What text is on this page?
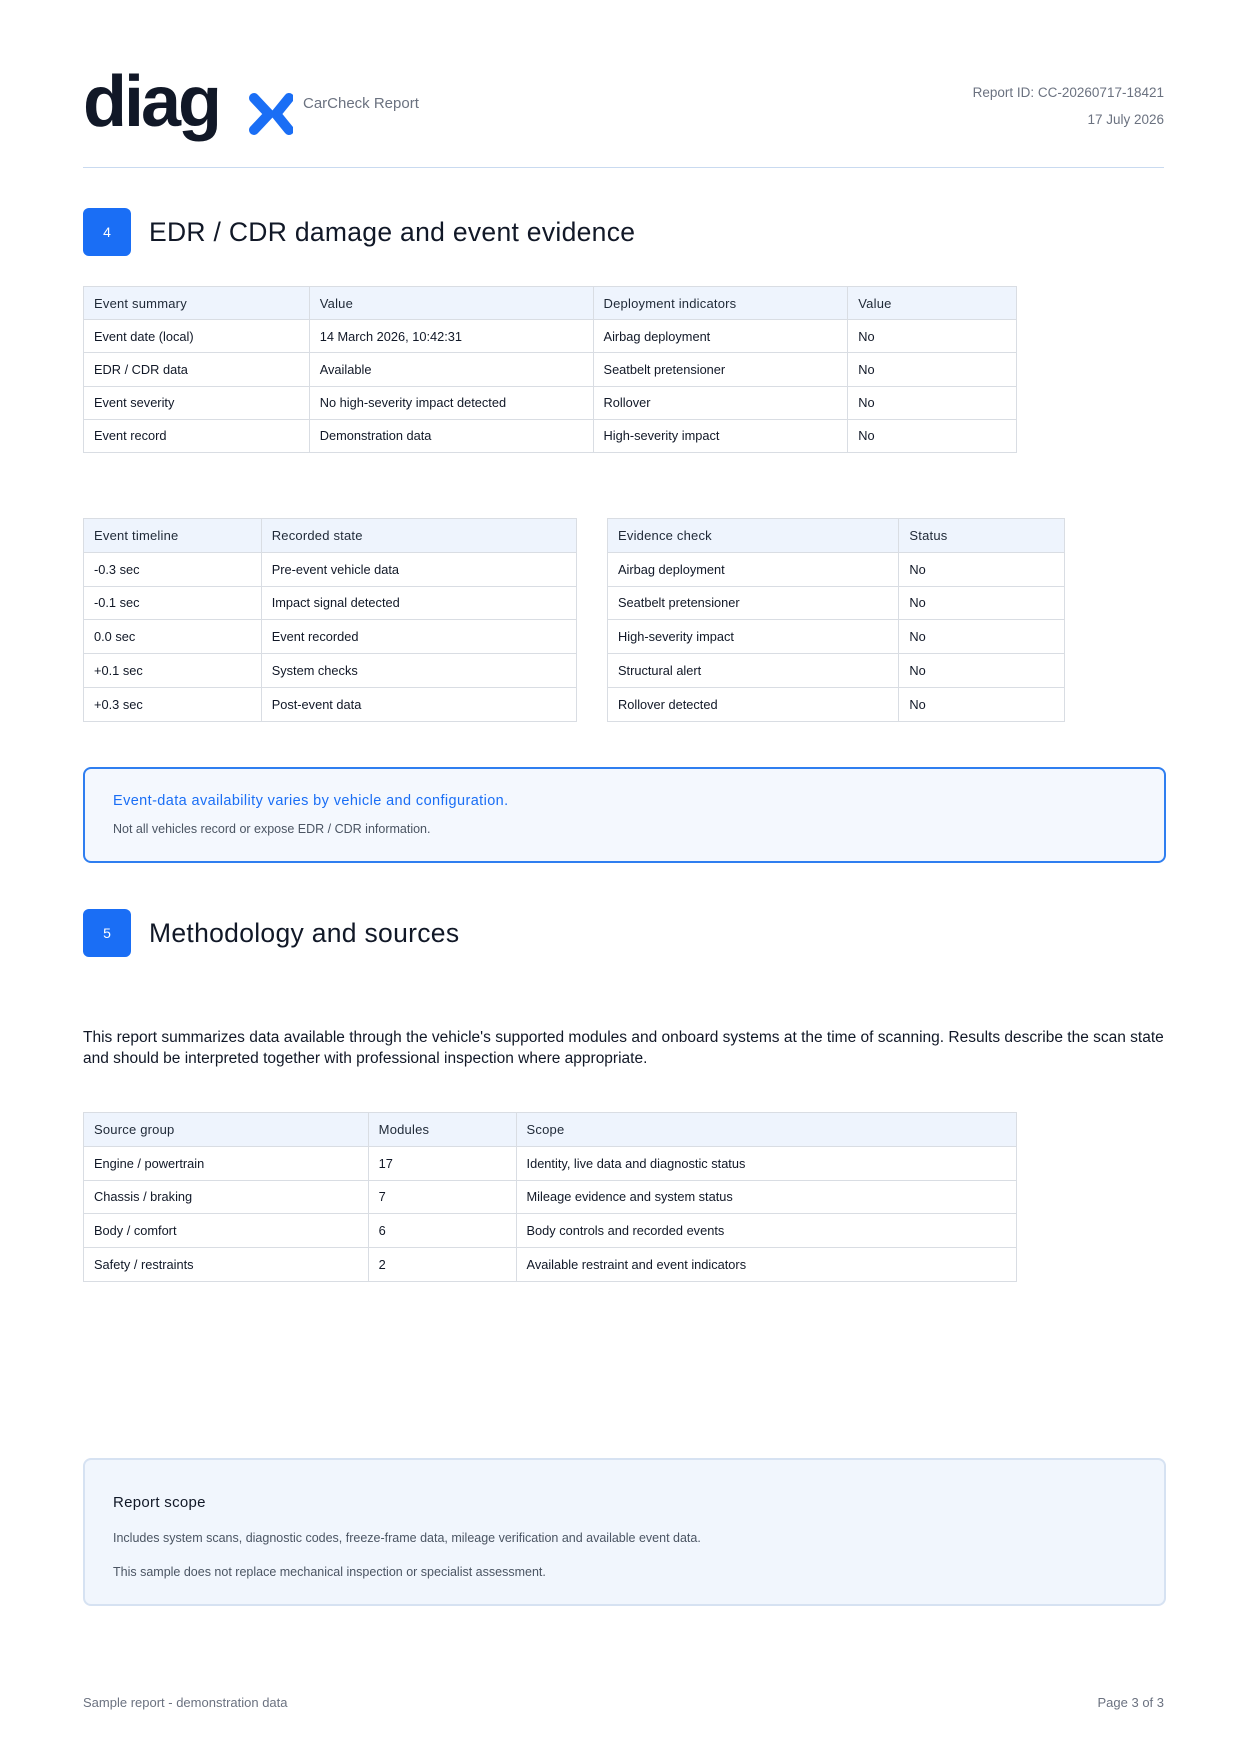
diag	CarCheck Report
Report ID: CC-20260717-18421
17 July 2026
4	EDR / CDR damage and event evidence
Event summary	Value	Deployment indicators	Value
Event date (local)	14 March 2026, 10:42:31	Airbag deployment	No
EDR / CDR data	Available	Seatbelt pretensioner	No
Event severity	No high-severity impact detected	Rollover	No
Event record	Demonstration data	High-severity impact	No
Event timeline	Recorded state
-0.3 sec	Pre-event vehicle data
-0.1 sec	Impact signal detected
0.0 sec	Event recorded
+0.1 sec	System checks
+0.3 sec	Post-event data
Evidence check	Status
Airbag deployment	No
Seatbelt pretensioner	No
High-severity impact	No
Structural alert	No
Rollover detected	No
Event-data availability varies by vehicle and configuration.
Not all vehicles record or expose EDR / CDR information.
5	Methodology and sources

This report summarizes data available through the vehicle's supported modules and onboard systems at the time of scanning. Results describe the scan state and should be interpreted together with professional inspection where appropriate.

Source group	Modules	Scope
Engine / powertrain	17	Identity, live data and diagnostic status
Chassis / braking	7	Mileage evidence and system status
Body / comfort	6	Body controls and recorded events
Safety / restraints	2	Available restraint and event indicators
Report scope
Includes system scans, diagnostic codes, freeze-frame data, mileage verification and available event data.
This sample does not replace mechanical inspection or specialist assessment.
Sample report - demonstration data	Page 3 of 3
